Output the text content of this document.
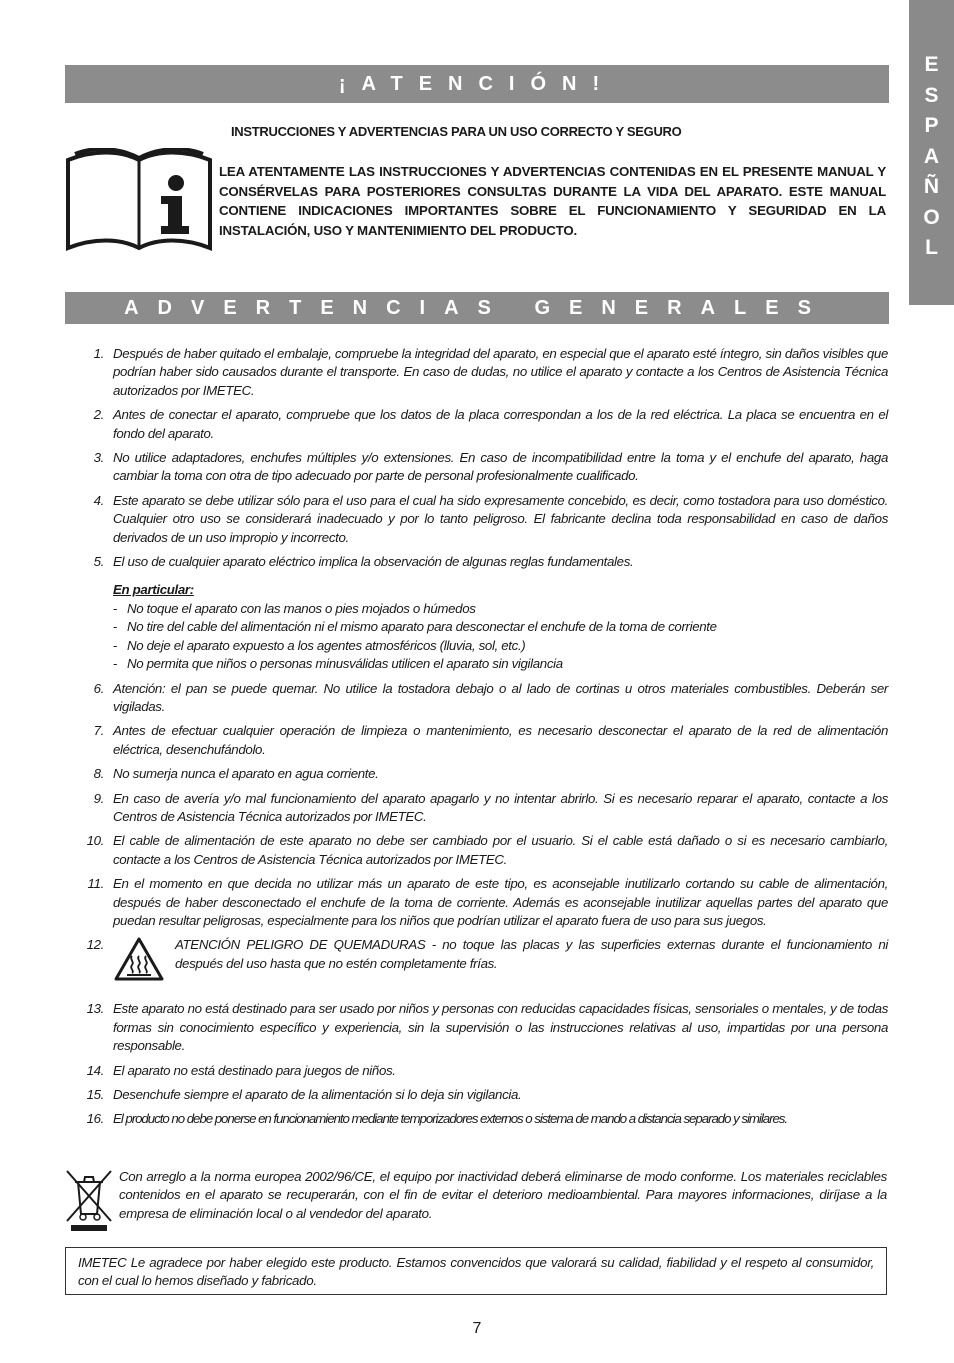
E
S
P
A
Ñ
O
L
¡ATENCIÓN!
INSTRUCCIONES Y ADVERTENCIAS PARA UN USO CORRECTO Y SEGURO
LEA ATENTAMENTE LAS INSTRUCCIONES Y ADVERTENCIAS CONTENIDAS EN EL PRESENTE MANUAL Y CONSÉRVELAS PARA POSTERIORES CONSULTAS DURANTE LA VIDA DEL APARATO. ESTE MANUAL CONTIENE INDICACIONES IMPORTANTES SOBRE EL FUNCIONAMIENTO Y SEGURIDAD EN LA INSTALACIÓN, USO Y MANTENIMIENTO DEL PRODUCTO.
ADVERTENCIAS GENERALES
1. Después de haber quitado el embalaje, compruebe la integridad del aparato, en especial que el aparato esté íntegro, sin daños visibles que podrían haber sido causados durante el transporte. En caso de dudas, no utilice el aparato y contacte a los Centros de Asistencia Técnica autorizados por IMETEC.
2. Antes de conectar el aparato, compruebe que los datos de la placa correspondan a los de la red eléctrica. La placa se encuentra en el fondo del aparato.
3. No utilice adaptadores, enchufes múltiples y/o extensiones. En caso de incompatibilidad entre la toma y el enchufe del aparato, haga cambiar la toma con otra de tipo adecuado por parte de personal profesionalmente cualificado.
4. Este aparato se debe utilizar sólo para el uso para el cual ha sido expresamente concebido, es decir, como tostadora para uso doméstico. Cualquier otro uso se considerará inadecuado y por lo tanto peligroso. El fabricante declina toda responsabilidad en caso de daños derivados de un uso impropio y incorrecto.
5. El uso de cualquier aparato eléctrico implica la observación de algunas reglas fundamentales.
En particular:
- No toque el aparato con las manos o pies mojados o húmedos
- No tire del cable del alimentación ni el mismo aparato para desconectar el enchufe de la toma de corriente
- No deje el aparato expuesto a los agentes atmosféricos (lluvia, sol, etc.)
- No permita que niños o personas minusválidas utilicen el aparato sin vigilancia
6. Atención: el pan se puede quemar. No utilice la tostadora debajo o al lado de cortinas u otros materiales combustibles. Deberán ser vigiladas.
7. Antes de efectuar cualquier operación de limpieza o mantenimiento, es necesario desconectar el aparato de la red de alimentación eléctrica, desenchufándolo.
8. No sumerja nunca el aparato en agua corriente.
9. En caso de avería y/o mal funcionamiento del aparato apagarlo y no intentar abrirlo. Si es necesario reparar el aparato, contacte a los Centros de Asistencia Técnica autorizados por IMETEC.
10. El cable de alimentación de este aparato no debe ser cambiado por el usuario. Si el cable está dañado o si es necesario cambiarlo, contacte a los Centros de Asistencia Técnica autorizados por IMETEC.
11. En el momento en que decida no utilizar más un aparato de este tipo, es aconsejable inutilizarlo cortando su cable de alimentación, después de haber desconectado el enchufe de la toma de corriente. Además es aconsejable inutilizar aquellas partes del aparato que puedan resultar peligrosas, especialmente para los niños que podrían utilizar el aparato fuera de uso para sus juegos.
12.	ATENCIÓN PELIGRO DE QUEMADURAS - no toque las placas y las superficies externas durante el funcionamiento ni después del uso hasta que no estén completamente frías.
13. Este aparato no está destinado para ser usado por niños y personas con reducidas capacidades físicas, sensoriales o mentales, y de todas formas sin conocimiento específico y experiencia, sin la supervisión o las instrucciones relativas al uso, impartidas por una persona responsable.
14. El aparato no está destinado para juegos de niños.
15. Desenchufe siempre el aparato de la alimentación si lo deja sin vigilancia.
16. El producto no debe ponerse en funcionamiento mediante temporizadores externos o sistema de mando a distancia separado y similares.
Con arreglo a la norma europea 2002/96/CE, el equipo por inactividad deberá eliminarse de modo conforme. Los materiales reciclables contenidos en el aparato se recuperarán, con el fin de evitar el deterioro medioambiental. Para mayores informaciones, diríjase a la empresa de eliminación local o al vendedor del aparato.
IMETEC Le agradece por haber elegido este producto. Estamos convencidos que valorará su calidad, fiabilidad y el respeto al consumidor, con el cual lo hemos diseñado y fabricado.
7
